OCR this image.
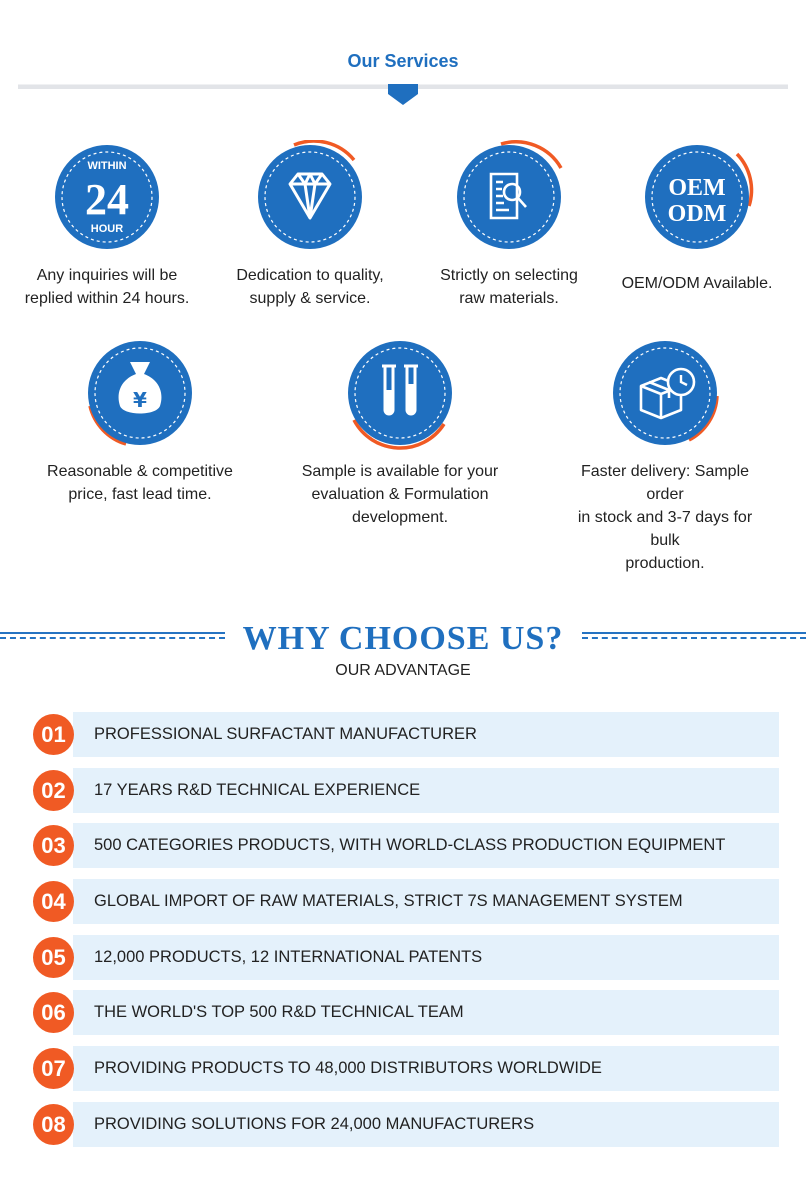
Our Services
WITHIN
24
HOUR
Any inquiries will be
replied within 24 hours.
Dedication to quality,
supply & service.
Strictly on selecting
raw materials.
OEM
ODM
OEM/ODM Available.
¥
Reasonable & competitive
price, fast lead time.
Sample is available for your
evaluation & Formulation
development.
Faster delivery: Sample order
in stock and 3-7 days for bulk
production.
WHY CHOOSE US?
OUR ADVANTAGE
01	PROFESSIONAL SURFACTANT MANUFACTURER
02	17 YEARS R&D TECHNICAL EXPERIENCE
03	500 CATEGORIES PRODUCTS, WITH WORLD-CLASS PRODUCTION EQUIPMENT
04	GLOBAL IMPORT OF RAW MATERIALS, STRICT 7S MANAGEMENT SYSTEM
05	12,000 PRODUCTS, 12 INTERNATIONAL PATENTS
06	THE WORLD'S TOP 500 R&D TECHNICAL TEAM
07	PROVIDING PRODUCTS TO 48,000 DISTRIBUTORS WORLDWIDE
08	PROVIDING SOLUTIONS FOR 24,000 MANUFACTURERS
